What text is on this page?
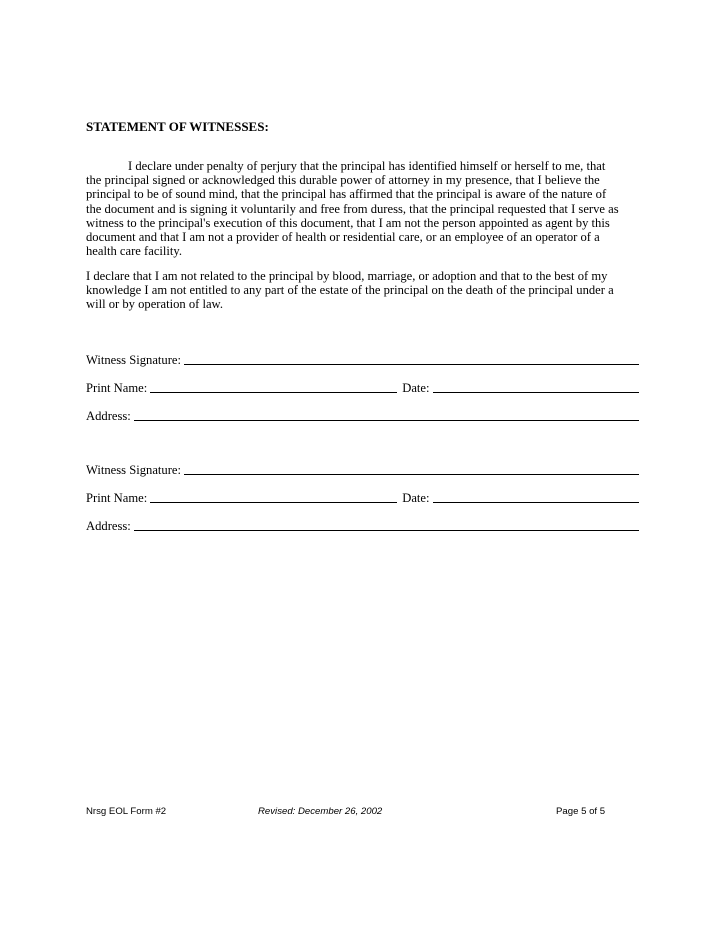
STATEMENT OF WITNESSES:
I declare under penalty of perjury that the principal has identified himself or herself to me, that
the principal signed or acknowledged this durable power of attorney in my presence, that I believe the
principal to be of sound mind, that the principal has affirmed that the principal is aware of the nature of
the document and is signing it voluntarily and free from duress, that the principal requested that I serve as
witness to the principal's execution of this document, that I am not the person appointed as agent by this
document and that I am not a provider of health or residential care, or an employee of an operator of a
health care facility.
I declare that I am not related to the principal by blood, marriage, or adoption and that to the best of my
knowledge I am not entitled to any part of the estate of the principal on the death of the principal under a
will or by operation of law.
Witness Signature:
Print Name:	Date:
Address:
Witness Signature:
Print Name:	Date:
Address:
Nrsg EOL Form #2	Revised: December 26, 2002	Page 5 of 5
